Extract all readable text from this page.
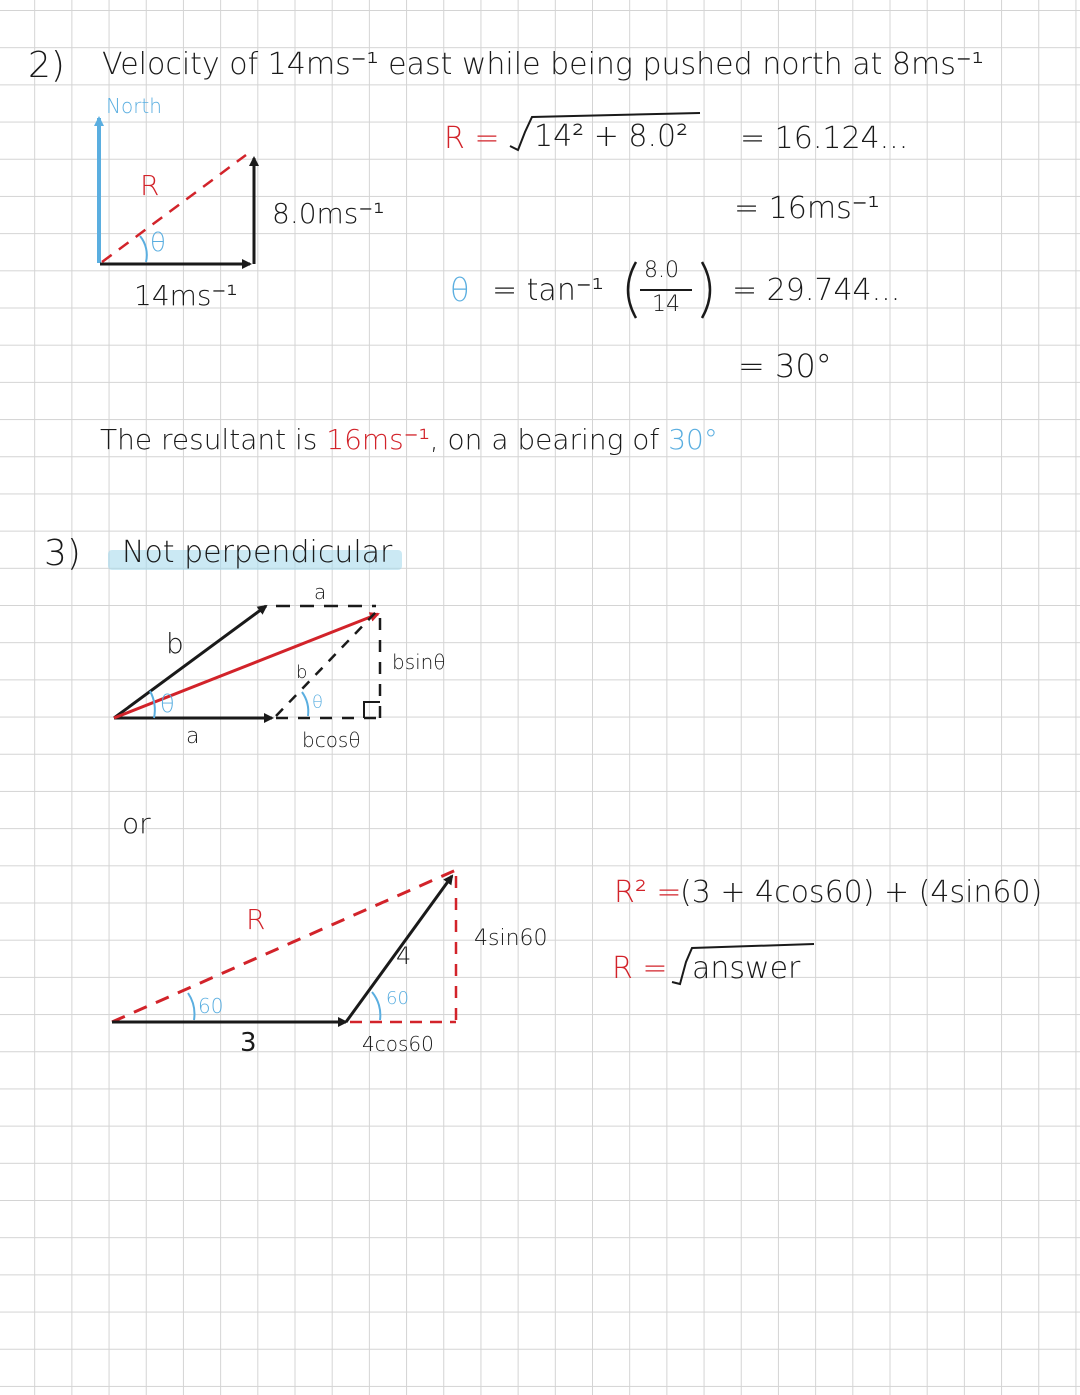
2) Velocity of 14ms⁻¹ east while being pushed north at 8ms⁻¹
North
R
θ
8.0ms⁻¹
14ms⁻¹
R = 14² + 8.0² = 16.124...
= 16ms⁻¹
θ = tan⁻¹
8.0
14 = 29.744...
= 30°
The resultant is 16ms⁻¹, on a bearing of 30°
3) Not perpendicular
a
b
θ
a
b
θ
bsinθ
bcosθ
or
R
4
4sin60
60	60
3	4cos60
R² =
(3 + 4cos60) + (4sin60)
R = answer
